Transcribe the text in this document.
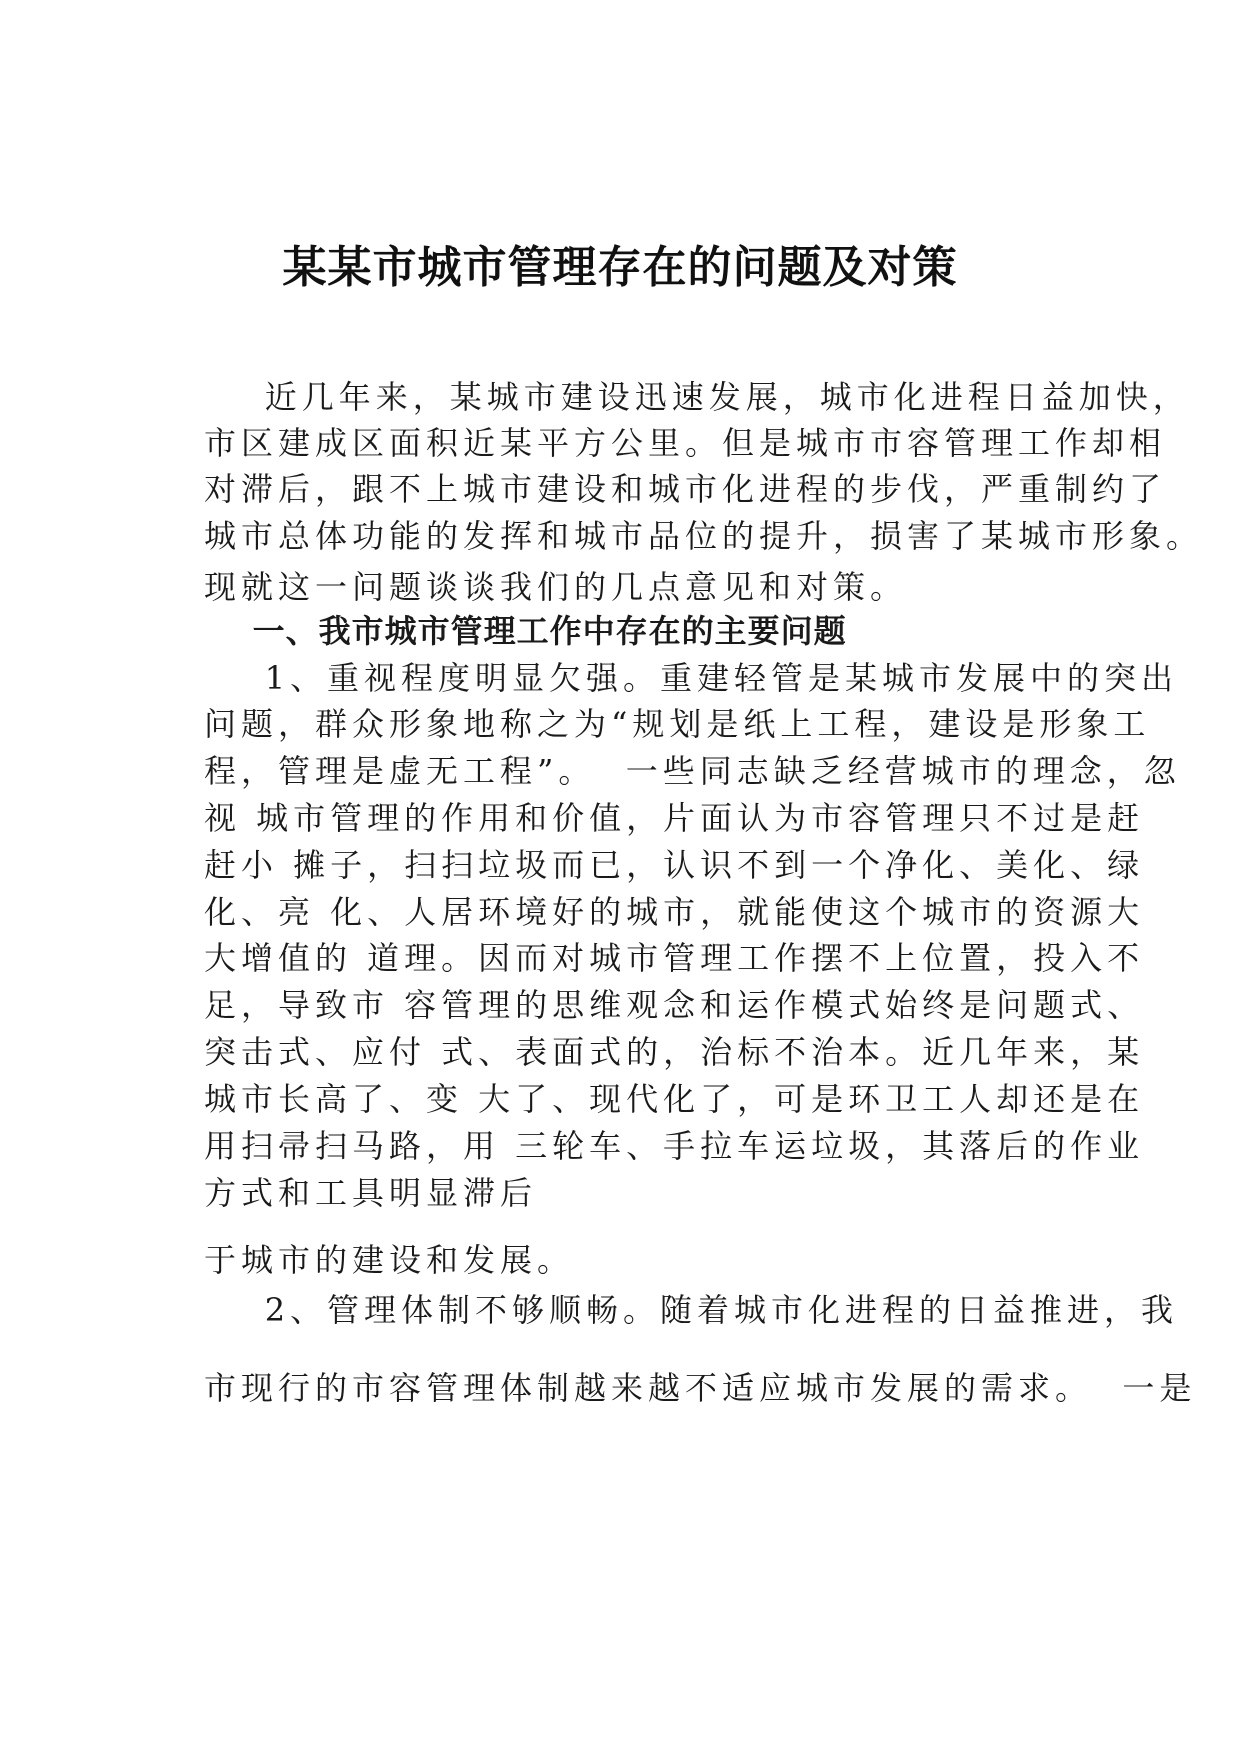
某某市城市管理存在的问题及对策
近几年来，某城市建设迅速发展，城市化进程日益加快，
市区建成区面积近某平方公里。但是城市市容管理工作却相
对滞后，跟不上城市建设和城市化进程的步伐，严重制约了
城市总体功能的发挥和城市品位的提升，损害了某城市形象。
现就这一问题谈谈我们的几点意见和对策。
一、我市城市管理工作中存在的主要问题
1、重视程度明显欠强。重建轻管是某城市发展中的突出
问题，群众形象地称之为“规划是纸上工程，建设是形象工
程，管理是虚无工程”。  一些同志缺乏经营城市的理念，忽
视 城市管理的作用和价值，片面认为市容管理只不过是赶
赶小 摊子，扫扫垃圾而已，认识不到一个净化、美化、绿
化、亮 化、人居环境好的城市，就能使这个城市的资源大
大增值的 道理。因而对城市管理工作摆不上位置，投入不
足，导致市 容管理的思维观念和运作模式始终是问题式、
突击式、应付 式、表面式的，治标不治本。近几年来，某
城市长高了、变 大了、现代化了，可是环卫工人却还是在
用扫帚扫马路，用 三轮车、手拉车运垃圾，其落后的作业
方式和工具明显滞后
于城市的建设和发展。
2、管理体制不够顺畅。随着城市化进程的日益推进，我
市现行的市容管理体制越来越不适应城市发展的需求。  一是
